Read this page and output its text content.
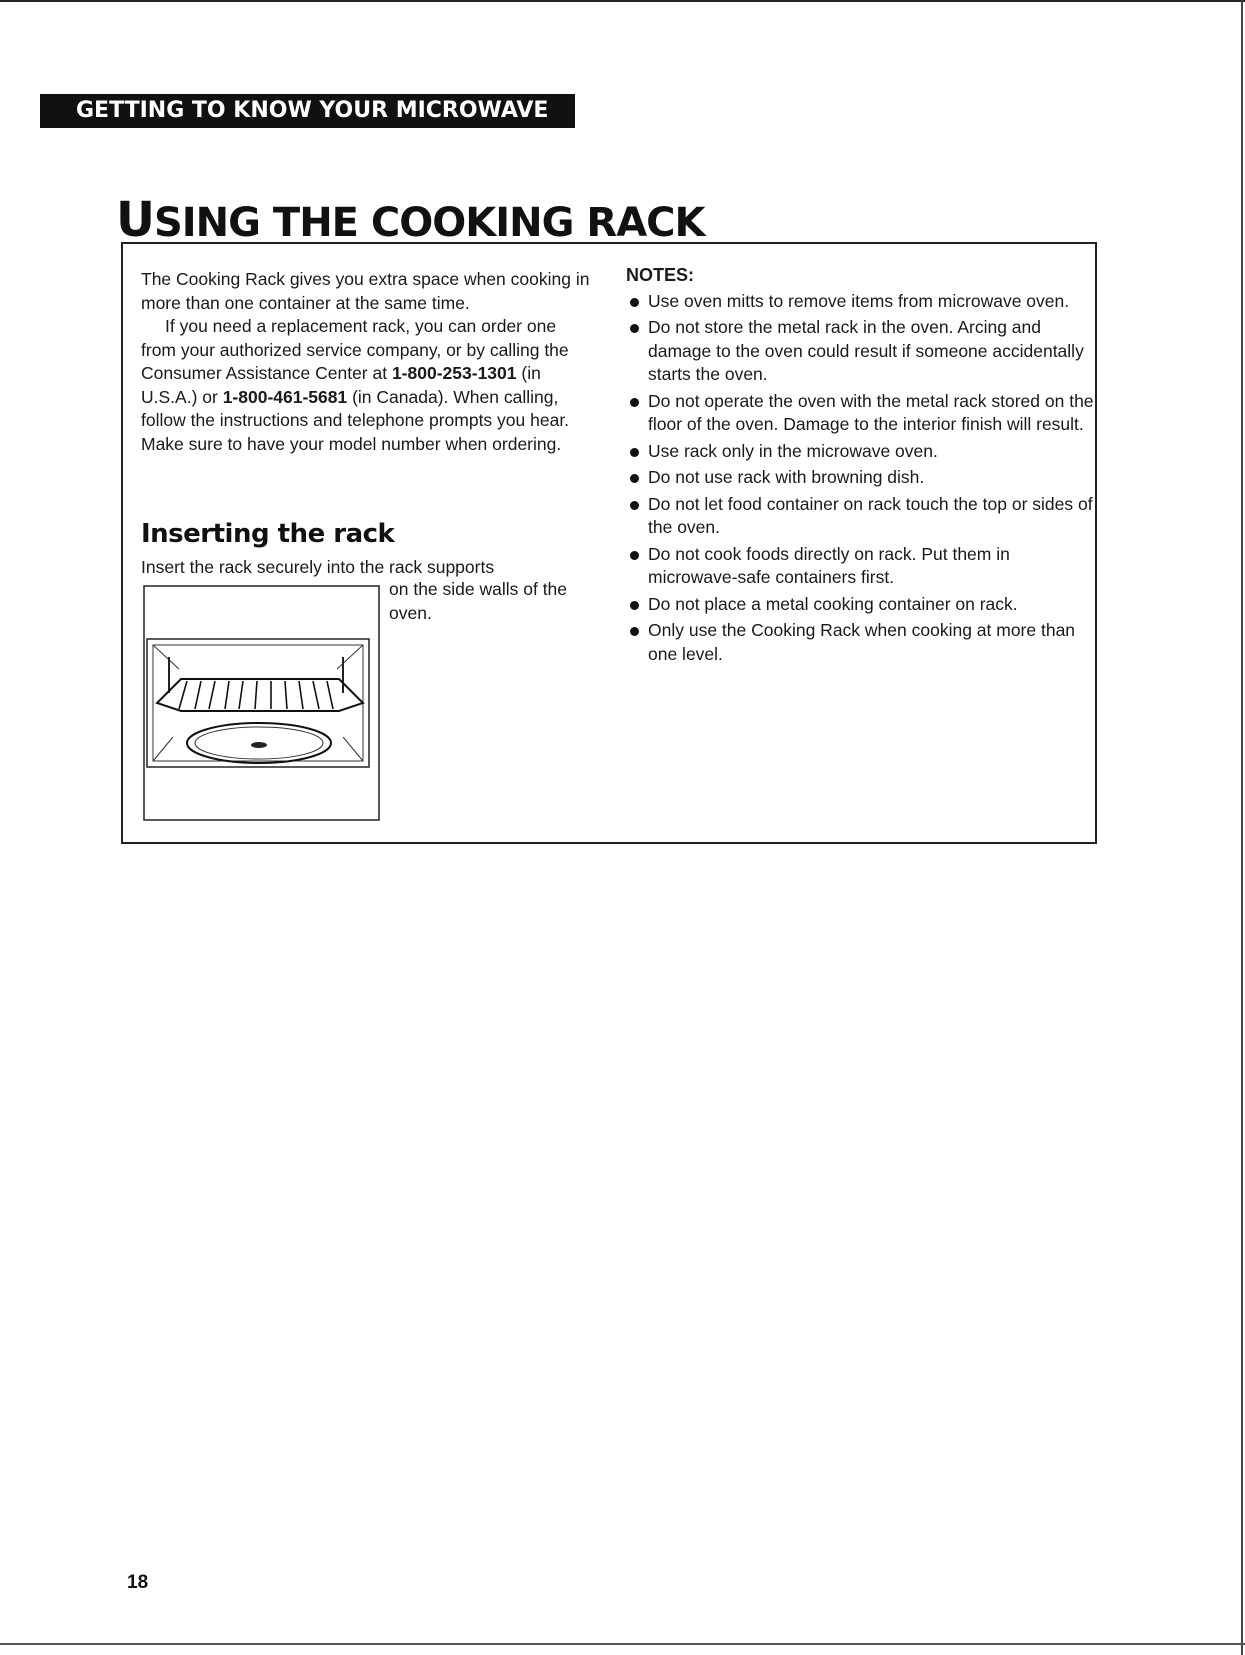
GETTING TO KNOW YOUR MICROWAVE OVEN
USING THE COOKING RACK

The Cooking Rack gives you extra space when cooking in more than one container at the same time.

If you need a replacement rack, you can order one from your authorized service company, or by calling the Consumer Assistance Center at 1-800-253-1301 (in U.S.A.) or 1-800-461-5681 (in Canada). When calling, follow the instructions and telephone prompts you hear. Make sure to have your model number when ordering.

Inserting the rack
Insert the rack securely into the rack supports
on the side walls of the oven.
NOTES:
Use oven mitts to remove items from microwave oven.
Do not store the metal rack in the oven. Arcing and damage to the oven could result if someone accidentally starts the oven.
Do not operate the oven with the metal rack stored on the floor of the oven. Damage to the interior finish will result.
Use rack only in the microwave oven.
Do not use rack with browning dish.
Do not let food container on rack touch the top or sides of the oven.
Do not cook foods directly on rack. Put them in microwave-safe containers first.
Do not place a metal cooking container on rack.
Only use the Cooking Rack when cooking at more than one level.
18
